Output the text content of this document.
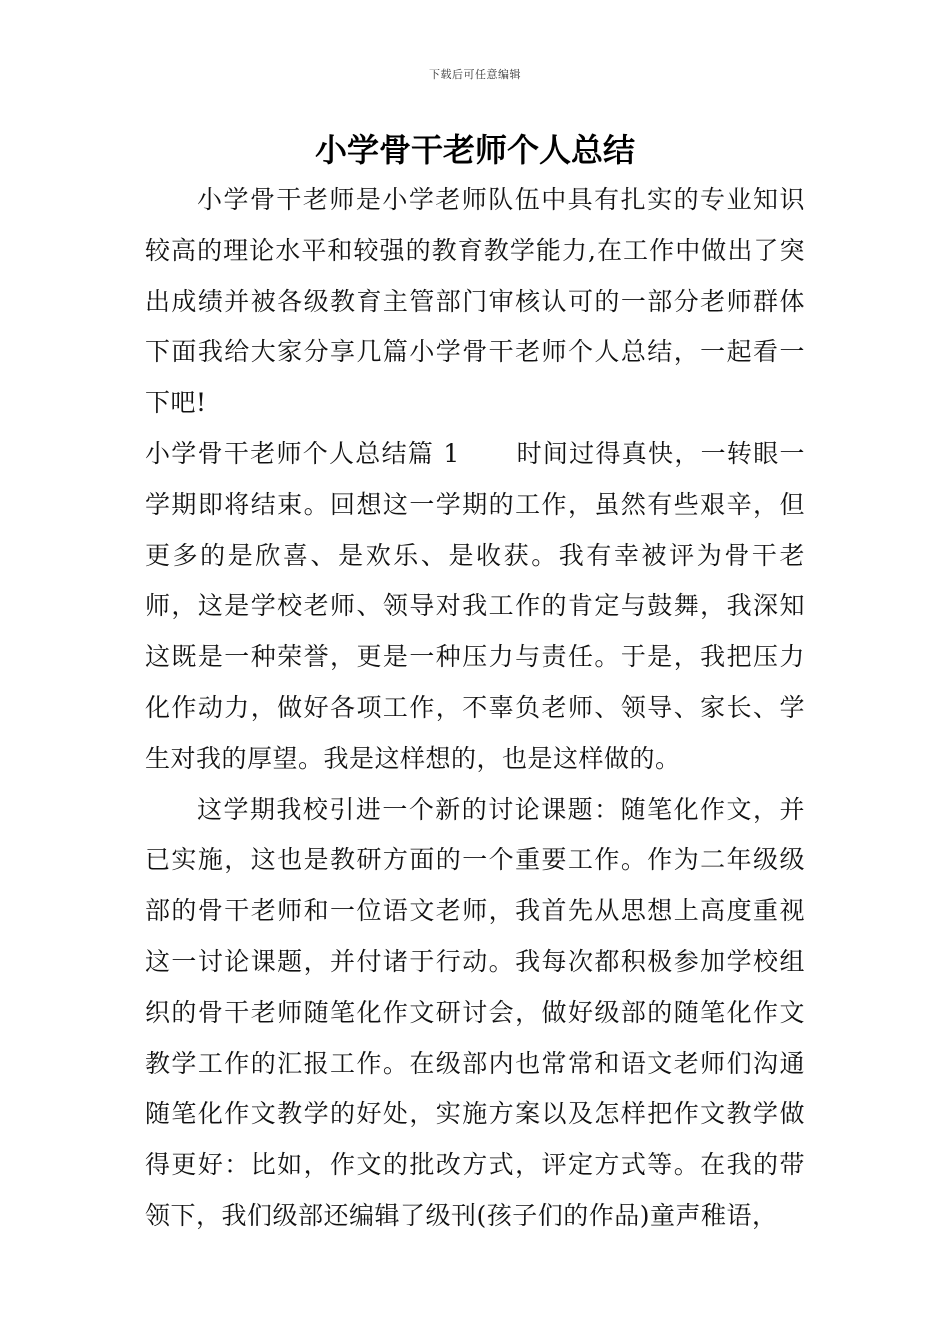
下载后可任意编辑
小学骨干老师个人总结

小学骨干老师是小学老师队伍中具有扎实的专业知识较高的理论水平和较强的教育教学能力,在工作中做出了突出成绩并被各级教育主管部门审核认可的一部分老师群体下面我给大家分享几篇小学骨干老师个人总结，一起看一下吧!

小学骨干老师个人总结篇 1 时间过得真快，一转眼一学期即将结束。回想这一学期的工作，虽然有些艰辛，但更多的是欣喜、是欢乐、是收获。我有幸被评为骨干老师，这是学校老师、领导对我工作的肯定与鼓舞，我深知这既是一种荣誉，更是一种压力与责任。于是，我把压力化作动力，做好各项工作，不辜负老师、领导、家长、学生对我的厚望。我是这样想的，也是这样做的。

这学期我校引进一个新的讨论课题：随笔化作文，并已实施，这也是教研方面的一个重要工作。作为二年级级部的骨干老师和一位语文老师，我首先从思想上高度重视这一讨论课题，并付诸于行动。我每次都积极参加学校组织的骨干老师随笔化作文研讨会，做好级部的随笔化作文教学工作的汇报工作。在级部内也常常和语文老师们沟通随笔化作文教学的好处，实施方案以及怎样把作文教学做得更好：比如，作文的批改方式，评定方式等。在我的带领下，我们级部还编辑了级刊(孩子们的作品)童声稚语，
